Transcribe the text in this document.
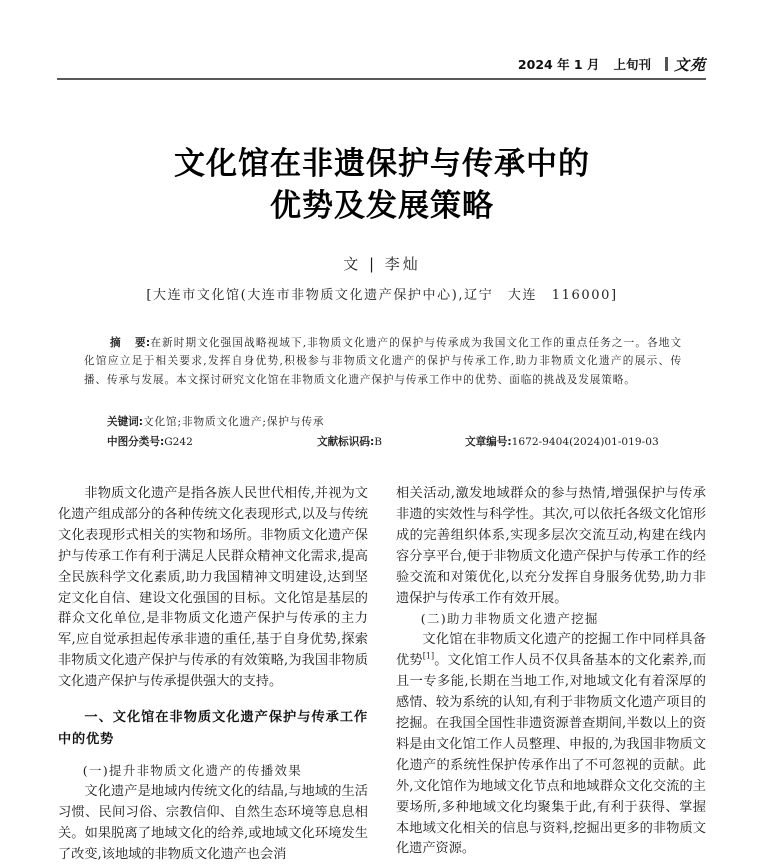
2024 年 1 月 上旬刊 文苑
文化馆在非遗保护与传承中的
优势及发展策略
文 | 李灿
[大连市文化馆(大连市非物质文化遗产保护中心),辽宁　大连　116000]
摘 要:在新时期文化强国战略视域下,非物质文化遗产的保护与传承成为我国文化工作的重点任务之一。各地文化馆应立足于相关要求,发挥自身优势,积极参与非物质文化遗产的保护与传承工作,助力非物质文化遗产的展示、传播、传承与发展。本文探讨研究文化馆在非物质文化遗产保护与传承工作中的优势、面临的挑战及发展策略。
关键词:文化馆;非物质文化遗产;保护与传承
中图分类号:G242	文献标识码:B	文章编号:1672-9404(2024)01-019-03

非物质文化遗产是指各族人民世代相传,并视为文化遗产组成部分的各种传统文化表现形式,以及与传统文化表现形式相关的实物和场所。非物质文化遗产保护与传承工作有利于满足人民群众精神文化需求,提高全民族科学文化素质,助力我国精神文明建设,达到坚定文化自信、建设文化强国的目标。文化馆是基层的群众文化单位,是非物质文化遗产保护与传承的主力军,应自觉承担起传承非遗的重任,基于自身优势,探索非物质文化遗产保护与传承的有效策略,为我国非物质文化遗产保护与传承提供强大的支持。

一、文化馆在非物质文化遗产保护与传承工作中的优势
(一)提升非物质文化遗产的传播效果

文化遗产是地域内传统文化的结晶,与地域的生活习惯、民间习俗、宗教信仰、自然生态环境等息息相关。如果脱离了地域文化的给养,或地域文化环境发生了改变,该地域的非物质文化遗产也会消

相关活动,激发地域群众的参与热情,增强保护与传承非遗的实效性与科学性。其次,可以依托各级文化馆形成的完善组织体系,实现多层次交流互动,构建在线内容分享平台,便于非物质文化遗产保护与传承工作的经验交流和对策优化,以充分发挥自身服务优势,助力非遗保护与传承工作有效开展。

(二)助力非物质文化遗产挖掘

文化馆在非物质文化遗产的挖掘工作中同样具备优势[1]。文化馆工作人员不仅具备基本的文化素养,而且一专多能,长期在当地工作,对地域文化有着深厚的感情、较为系统的认知,有利于非物质文化遗产项目的挖掘。在我国全国性非遗资源普查期间,半数以上的资料是由文化馆工作人员整理、申报的,为我国非物质文化遗产的系统性保护传承作出了不可忽视的贡献。此外,文化馆作为地域文化节点和地域群众文化交流的主要场所,多种地域文化均聚集于此,有利于获得、掌握本地域文化相关的信息与资料,挖掘出更多的非物质文化遗产资源。
